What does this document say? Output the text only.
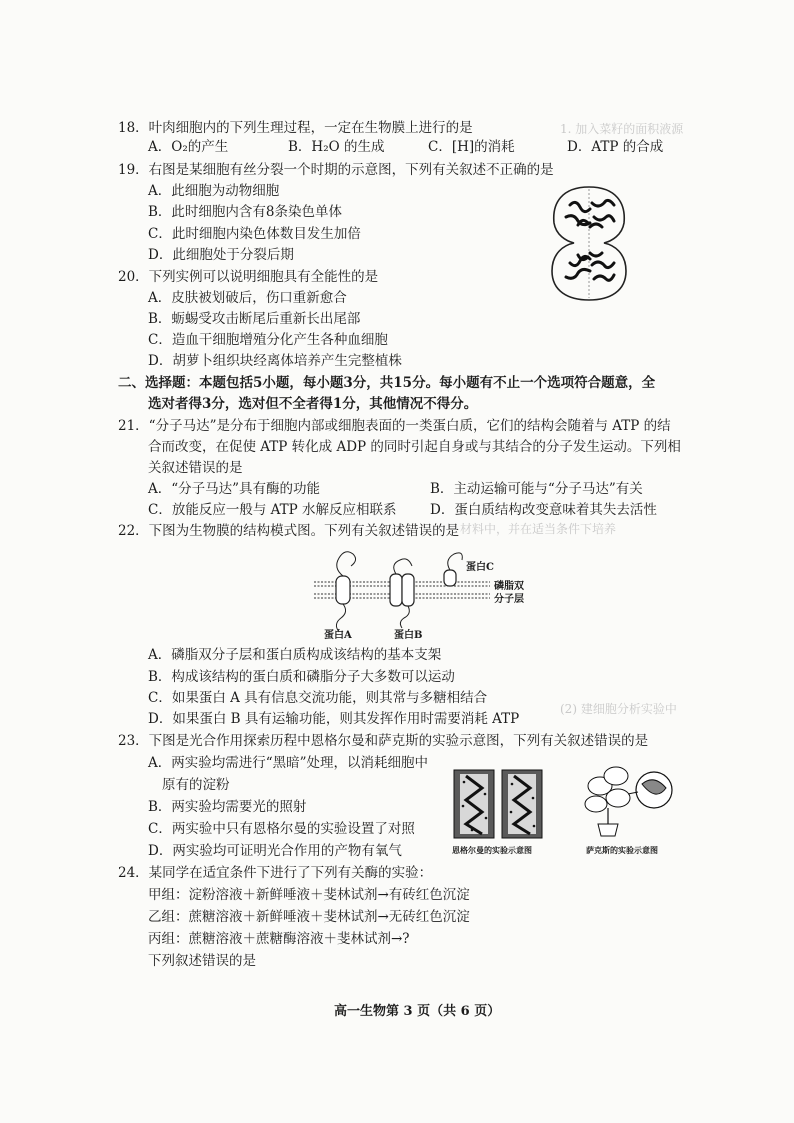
1. 加入菜籽的面积液源
(2) 建细胞分析实验中
材料中，并在适当条件下培养
18．叶肉细胞内的下列生理过程，一定在生物膜上进行的是
A．O₂的产生	B．H₂O 的生成	C．[H]的消耗	D．ATP 的合成
19．右图是某细胞有丝分裂一个时期的示意图，下列有关叙述不正确的是
A．此细胞为动物细胞
B．此时细胞内含有8条染色单体
C．此时细胞内染色体数目发生加倍
D．此细胞处于分裂后期
20．下列实例可以说明细胞具有全能性的是
A．皮肤被划破后，伤口重新愈合
B．蛎蜴受攻击断尾后重新长出尾部
C．造血干细胞增殖分化产生各种血细胞
D．胡萝卜组织块经离体培养产生完整植株
二、选择题：本题包括5小题，每小题3分，共15分。每小题有不止一个选项符合题意，全
选对者得3分，选对但不全者得1分，其他情况不得分。
21．“分子马达”是分布于细胞内部或细胞表面的一类蛋白质，它们的结构会随着与 ATP 的结
合而改变，在促使 ATP 转化成 ADP 的同时引起自身或与其结合的分子发生运动。下列相
关叙述错误的是
A．“分子马达”具有酶的功能	B．主动运输可能与“分子马达”有关
C．放能反应一般与 ATP 水解反应相联系 D．蛋白质结构改变意味着其失去活性
22．下图为生物膜的结构模式图。下列有关叙述错误的是
蛋白A	蛋白B
蛋白C
磷脂双
分子层
A．磷脂双分子层和蛋白质构成该结构的基本支架
B．构成该结构的蛋白质和磷脂分子大多数可以运动
C．如果蛋白 A 具有信息交流功能，则其常与多糖相结合
D．如果蛋白 B 具有运输功能，则其发挥作用时需要消耗 ATP
23．下图是光合作用探索历程中恩格尔曼和萨克斯的实验示意图，下列有关叙述错误的是
A．两实验均需进行“黑暗”处理，以消耗细胞中
原有的淀粉
B．两实验均需要光的照射
C．两实验中只有恩格尔曼的实验设置了对照
D．两实验均可证明光合作用的产物有氧气	恩格尔曼的实验示意图	萨克斯的实验示意图
24．某同学在适宜条件下进行了下列有关酶的实验：
甲组：淀粉溶液＋新鲜唾液＋斐林试剂→有砖红色沉淀
乙组：蔗糖溶液＋新鲜唾液＋斐林试剂→无砖红色沉淀
丙组：蔗糖溶液＋蔗糖酶溶液＋斐林试剂→?
下列叙述错误的是
高一生物第 3 页（共 6 页）
